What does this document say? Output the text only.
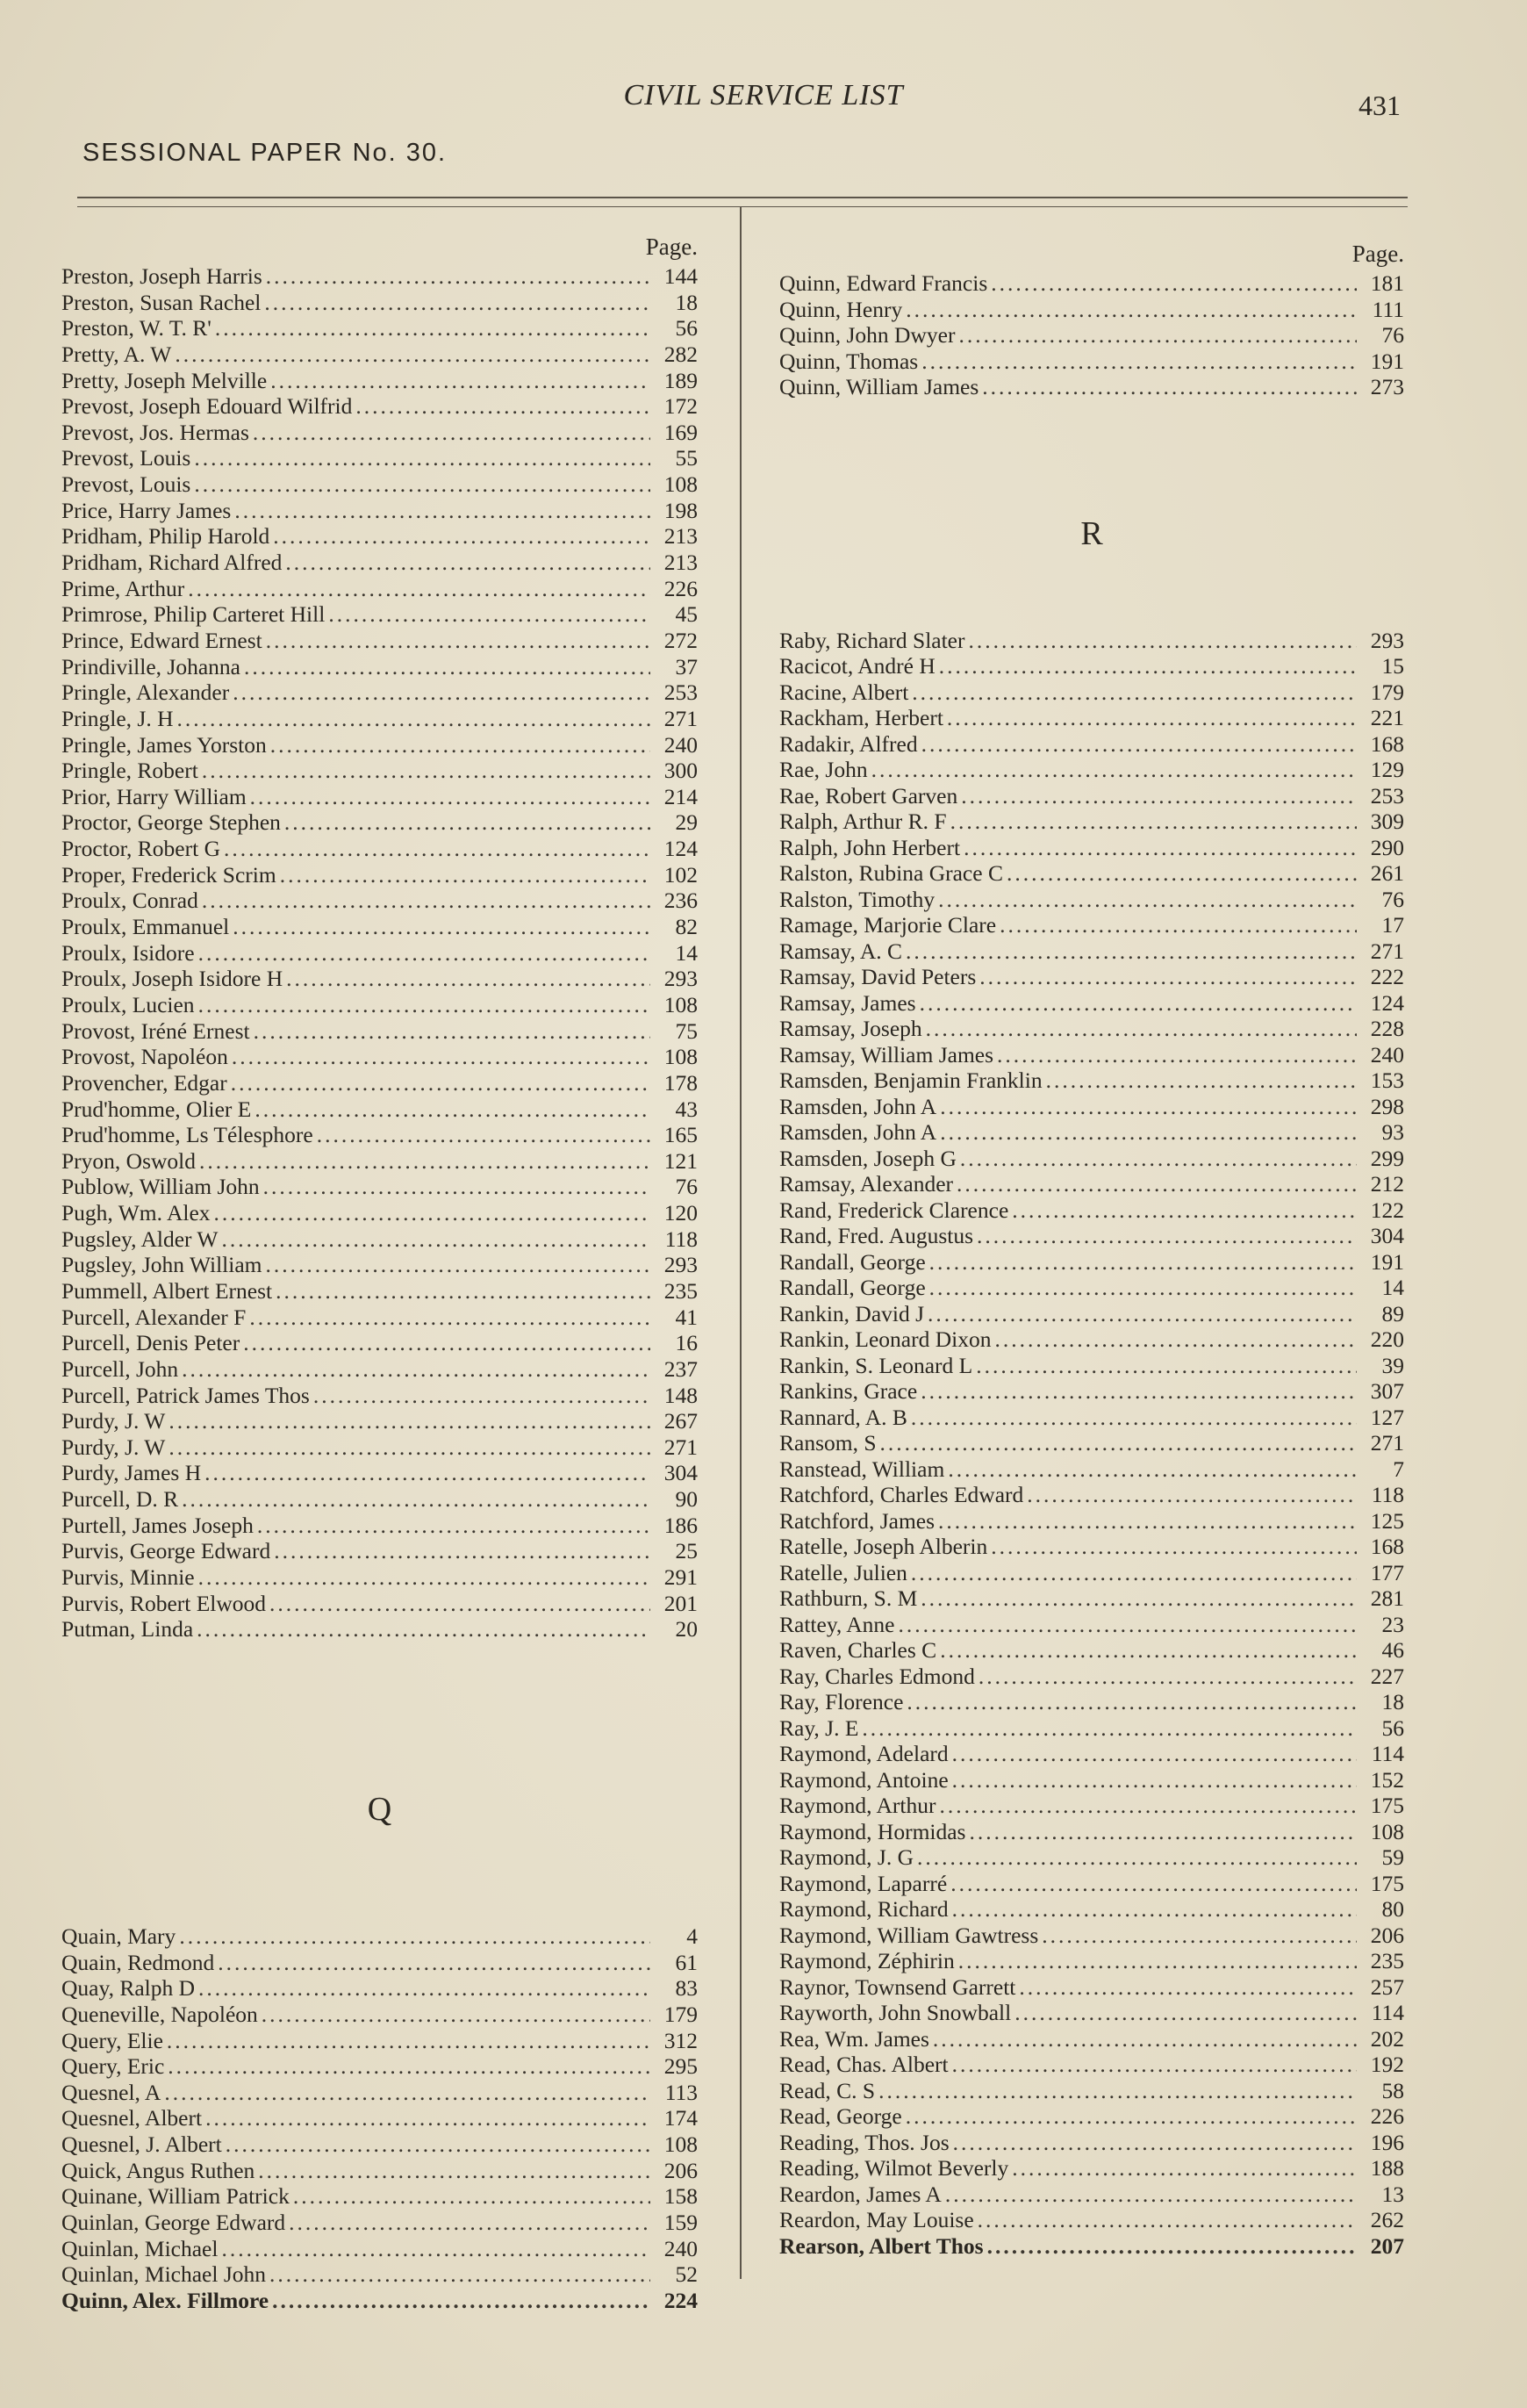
CIVIL SERVICE LIST	431
SESSIONAL PAPER No. 30.
Page.
Preston, Joseph Harris .....	144
Preston, Susan Rachel .....	18
Preston, W. T. R' .....	56
Pretty, A. W .....	282
Pretty, Joseph Melville .....	189
Prevost, Joseph Edouard Wilfrid .....	172
Prevost, Jos. Hermas .....	169
Prevost, Louis .....	55
Prevost, Louis .....	108
Price, Harry James .....	198
Pridham, Philip Harold .....	213
Pridham, Richard Alfred .....	213
Prime, Arthur .....	226
Primrose, Philip Carteret Hill .....	45
Prince, Edward Ernest .....	272
Prindiville, Johanna .....	37
Pringle, Alexander .....	253
Pringle, J. H .....	271
Pringle, James Yorston .....	240
Pringle, Robert .....	300
Prior, Harry William .....	214
Proctor, George Stephen .....	29
Proctor, Robert G .....	124
Proper, Frederick Scrim .....	102
Proulx, Conrad .....	236
Proulx, Emmanuel .....	82
Proulx, Isidore .....	14
Proulx, Joseph Isidore H .....	293
Proulx, Lucien .....	108
Provost, Iréné Ernest .....	75
Provost, Napoléon .....	108
Provencher, Edgar .....	178
Prud'homme, Olier E .....	43
Prud'homme, Ls Télesphore .....	165
Pryon, Oswold .....	121
Publow, William John .....	76
Pugh, Wm. Alex .....	120
Pugsley, Alder W .....	118
Pugsley, John William .....	293
Pummell, Albert Ernest .....	235
Purcell, Alexander F .....	41
Purcell, Denis Peter .....	16
Purcell, John .....	237
Purcell, Patrick James Thos .....	148
Purdy, J. W .....	267
Purdy, J. W .....	271
Purdy, James H .....	304
Purcell, D. R .....	90
Purtell, James Joseph .....	186
Purvis, George Edward .....	25
Purvis, Minnie .....	291
Purvis, Robert Elwood .....	201
Putman, Linda .....	20
Q
Quain, Mary .....	4
Quain, Redmond .....	61
Quay, Ralph D .....	83
Queneville, Napoléon .....	179
Query, Elie .....	312
Query, Eric .....	295
Quesnel, A .....	113
Quesnel, Albert .....	174
Quesnel, J. Albert .....	108
Quick, Angus Ruthen .....	206
Quinane, William Patrick .....	158
Quinlan, George Edward .....	159
Quinlan, Michael .....	240
Quinlan, Michael John .....	52
Quinn, Alex. Fillmore .....	224
Page.
Quinn, Edward Francis .....	181
Quinn, Henry .....	111
Quinn, John Dwyer .....	76
Quinn, Thomas .....	191
Quinn, William James .....	273
R
Raby, Richard Slater .....	293
Racicot, André H .....	15
Racine, Albert .....	179
Rackham, Herbert .....	221
Radakir, Alfred .....	168
Rae, John .....	129
Rae, Robert Garven .....	253
Ralph, Arthur R. F .....	309
Ralph, John Herbert .....	290
Ralston, Rubina Grace C .....	261
Ralston, Timothy .....	76
Ramage, Marjorie Clare .....	17
Ramsay, A. C .....	271
Ramsay, David Peters .....	222
Ramsay, James .....	124
Ramsay, Joseph .....	228
Ramsay, William James .....	240
Ramsden, Benjamin Franklin .....	153
Ramsden, John A .....	298
Ramsden, John A .....	93
Ramsden, Joseph G .....	299
Ramsay, Alexander .....	212
Rand, Frederick Clarence .....	122
Rand, Fred. Augustus .....	304
Randall, George .....	191
Randall, George .....	14
Rankin, David J .....	89
Rankin, Leonard Dixon .....	220
Rankin, S. Leonard L .....	39
Rankins, Grace .....	307
Rannard, A. B .....	127
Ransom, S .....	271
Ranstead, William .....	7
Ratchford, Charles Edward .....	118
Ratchford, James .....	125
Ratelle, Joseph Alberin .....	168
Ratelle, Julien .....	177
Rathburn, S. M .....	281
Rattey, Anne .....	23
Raven, Charles C .....	46
Ray, Charles Edmond .....	227
Ray, Florence .....	18
Ray, J. E .....	56
Raymond, Adelard .....	114
Raymond, Antoine .....	152
Raymond, Arthur .....	175
Raymond, Hormidas .....	108
Raymond, J. G .....	59
Raymond, Laparré .....	175
Raymond, Richard .....	80
Raymond, William Gawtress .....	206
Raymond, Zéphirin .....	235
Raynor, Townsend Garrett .....	257
Rayworth, John Snowball .....	114
Rea, Wm. James .....	202
Read, Chas. Albert .....	192
Read, C. S .....	58
Read, George .....	226
Reading, Thos. Jos .....	196
Reading, Wilmot Beverly .....	188
Reardon, James A .....	13
Reardon, May Louise .....	262
Rearson, Albert Thos .....	207
